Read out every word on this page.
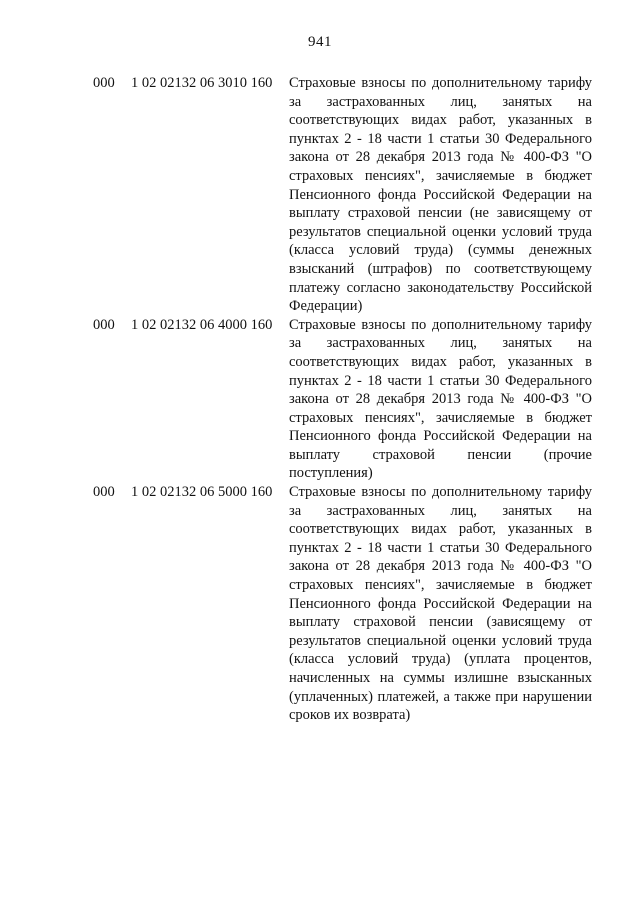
941
000 1 02 02132 06 3010 160 Страховые взносы по дополнительному тарифу за застрахованных лиц, занятых на соответствующих видах работ, указанных в пунктах 2 - 18 части 1 статьи 30 Федерального закона от 28 декабря 2013 года № 400-ФЗ "О страховых пенсиях", зачисляемые в бюджет Пенсионного фонда Российской Федерации на выплату страховой пенсии (не зависящему от результатов специальной оценки условий труда (класса условий труда) (суммы денежных взысканий (штрафов) по соответствующему платежу согласно законодательству Российской Федерации)
000 1 02 02132 06 4000 160 Страховые взносы по дополнительному тарифу за застрахованных лиц, занятых на соответствующих видах работ, указанных в пунктах 2 - 18 части 1 статьи 30 Федерального закона от 28 декабря 2013 года № 400-ФЗ "О страховых пенсиях", зачисляемые в бюджет Пенсионного фонда Российской Федерации на выплату страховой пенсии (прочие поступления)
000 1 02 02132 06 5000 160 Страховые взносы по дополнительному тарифу за застрахованных лиц, занятых на соответствующих видах работ, указанных в пунктах 2 - 18 части 1 статьи 30 Федерального закона от 28 декабря 2013 года № 400-ФЗ "О страховых пенсиях", зачисляемые в бюджет Пенсионного фонда Российской Федерации на выплату страховой пенсии (зависящему от результатов специальной оценки условий труда (класса условий труда) (уплата процентов, начисленных на суммы излишне взысканных (уплаченных) платежей, а также при нарушении сроков их возврата)
